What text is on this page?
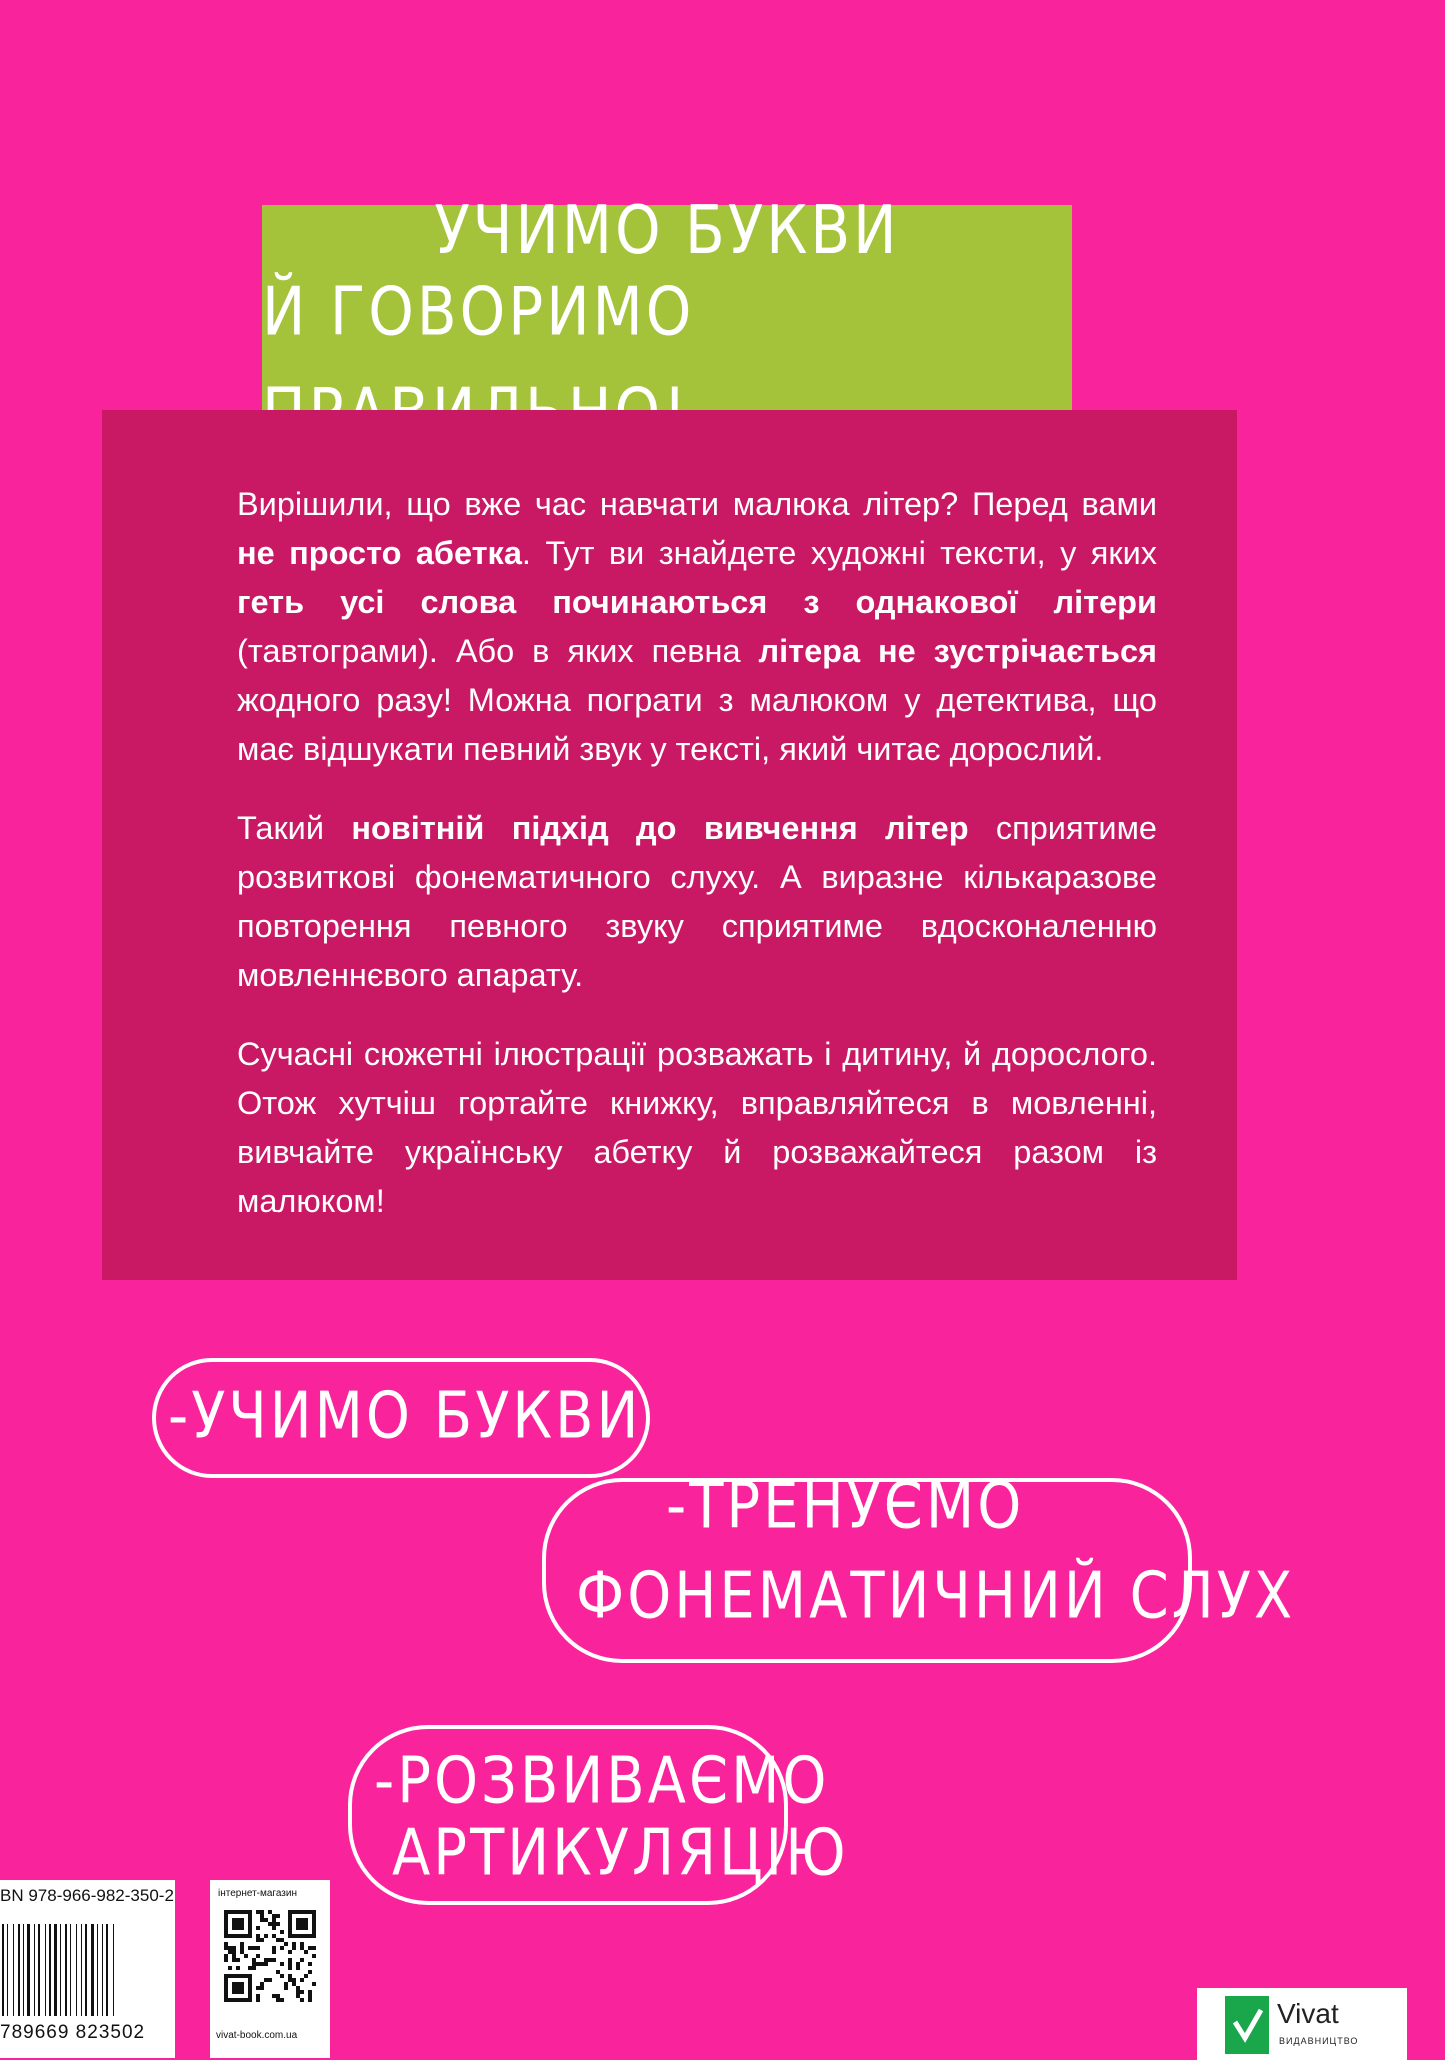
УЧИМО БУКВИ
Й ГОВОРИМО

Вирішили, що вже час навчати малюка літер? Перед вами не просто абетка. Тут ви знайдете художні тексти, у яких геть усі слова починаються з однакової літери (тавтограми). Або в яких певна літера не зустрічається жодного разу! Можна пограти з малюком у детектива, що має відшукати певний звук у тексті, який читає дорослий.

Такий новітній підхід до вивчення літер сприятиме розвиткові фонематичного слуху. А виразне кількаразове повторення певного звуку сприятиме вдосконаленню мовленнєвого апарату.

Сучасні сюжетні ілюстрації розважать і дитину, й дорослого. Отож хутчіш гортайте книжку, вправляйтеся в мовленні, вивчайте українську абетку й розважайтеся разом із малюком!

-УЧИМО БУКВИ
-ТРЕНУЄМО
ФОНЕМАТИЧНИЙ СЛУХ
-РОЗВИВАЄМО
АРТИКУЛЯЦІЮ
BN 978-966-982-350-2
789669 823502
інтернет-магазин
vivat-book.com.ua
Vivat
ВИДАВНИЦТВО
